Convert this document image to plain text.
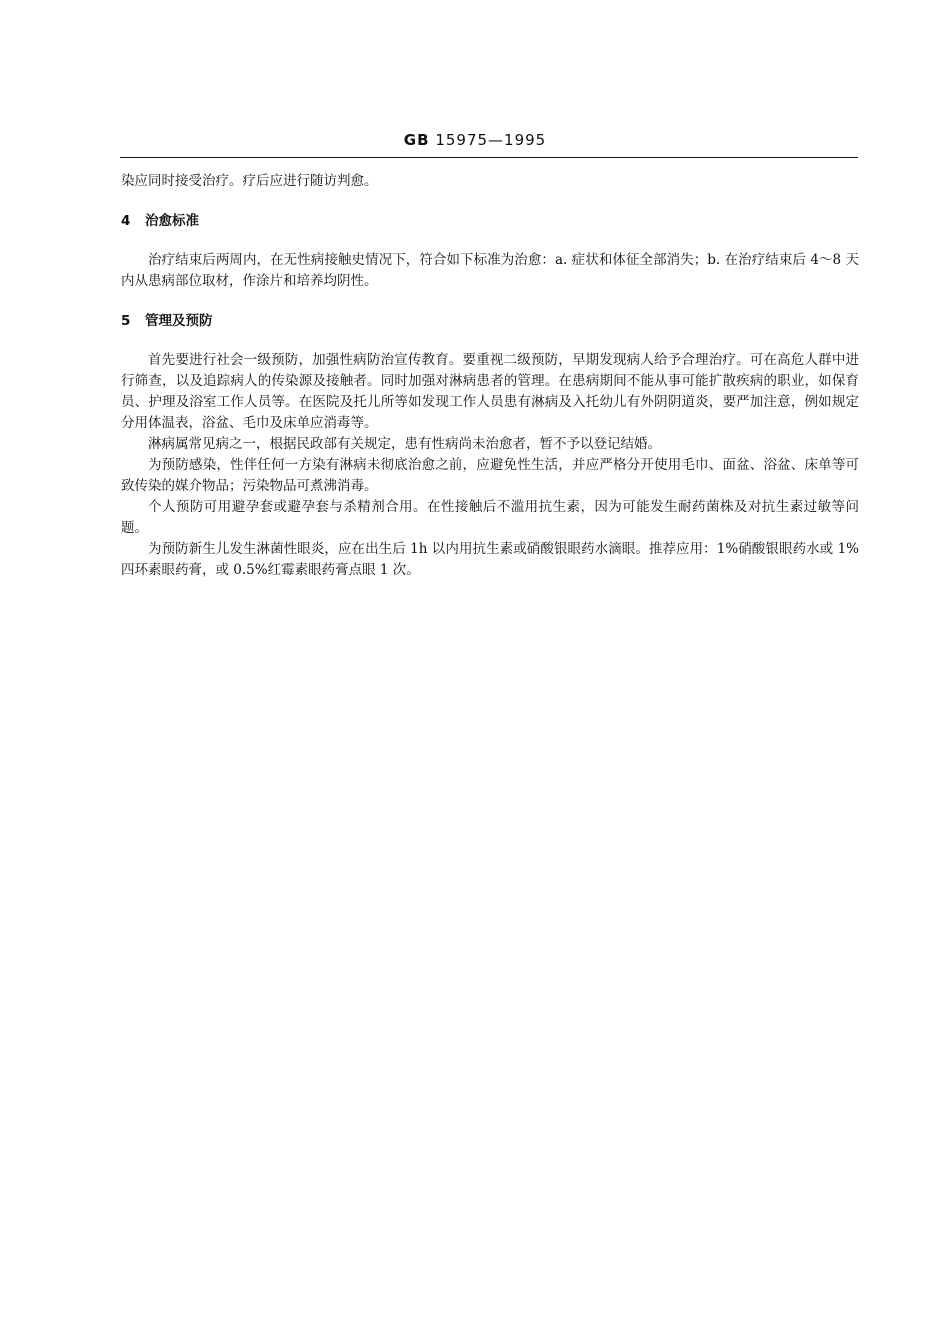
GB 15975—1995

染应同时接受治疗。疗后应进行随访判愈。

4 治愈标准

治疗结束后两周内，在无性病接触史情况下，符合如下标准为治愈：a. 症状和体征全部消失；b. 在治疗结束后 4～8 天内从患病部位取材，作涂片和培养均阴性。

5 管理及预防

首先要进行社会一级预防，加强性病防治宣传教育。要重视二级预防，早期发现病人给予合理治疗。可在高危人群中进行筛查，以及追踪病人的传染源及接触者。同时加强对淋病患者的管理。在患病期间不能从事可能扩散疾病的职业，如保育员、护理及浴室工作人员等。在医院及托儿所等如发现工作人员患有淋病及入托幼儿有外阴阴道炎，要严加注意，例如规定分用体温表，浴盆、毛巾及床单应消毒等。

淋病属常见病之一，根据民政部有关规定，患有性病尚未治愈者，暂不予以登记结婚。

为预防感染，性伴任何一方染有淋病未彻底治愈之前，应避免性生活，并应严格分开使用毛巾、面盆、浴盆、床单等可致传染的媒介物品；污染物品可煮沸消毒。

个人预防可用避孕套或避孕套与杀精剂合用。在性接触后不滥用抗生素，因为可能发生耐药菌株及对抗生素过敏等问题。

为预防新生儿发生淋菌性眼炎，应在出生后 1h 以内用抗生素或硝酸银眼药水滴眼。推荐应用：1%硝酸银眼药水或 1%四环素眼药膏，或 0.5%红霉素眼药膏点眼 1 次。
